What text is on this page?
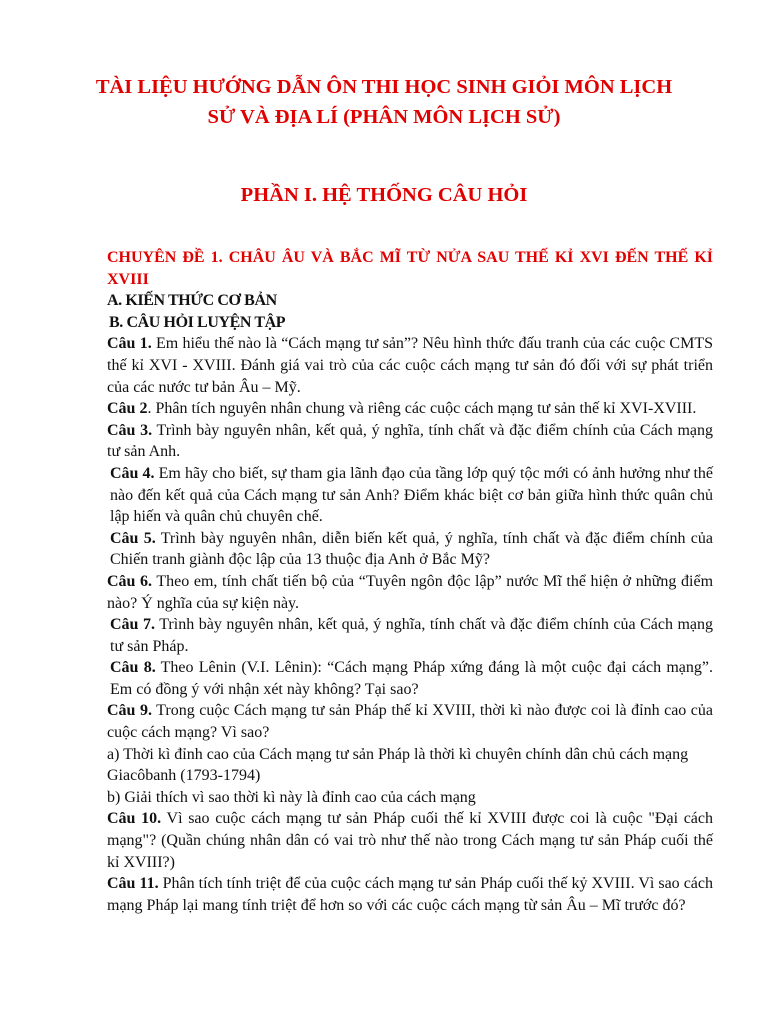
TÀI LIỆU HƯỚNG DẪN ÔN THI HỌC SINH GIỎI MÔN LỊCH
SỬ VÀ ĐỊA LÍ (PHÂN MÔN LỊCH SỬ)
PHẦN I. HỆ THỐNG CÂU HỎI

CHUYÊN ĐỀ 1. CHÂU ÂU VÀ BẮC MĨ TỪ NỬA SAU THẾ KỈ XVI ĐẾN THẾ KỈ XVIII

A. KIẾN THỨC CƠ BẢN

B. CÂU HỎI LUYỆN TẬP

Câu 1. Em hiểu thế nào là “Cách mạng tư sản”? Nêu hình thức đấu tranh của các cuộc CMTS thế kỉ XVI - XVIII. Đánh giá vai trò của các cuộc cách mạng tư sản đó đối với sự phát triển của các nước tư bản Âu – Mỹ.

Câu 2. Phân tích nguyên nhân chung và riêng các cuộc cách mạng tư sản thế kỉ XVI-XVIII.

Câu 3. Trình bày nguyên nhân, kết quả, ý nghĩa, tính chất và đặc điểm chính của Cách mạng tư sản Anh.

Câu 4. Em hãy cho biết, sự tham gia lãnh đạo của tầng lớp quý tộc mới có ảnh hưởng như thế nào đến kết quả của Cách mạng tư sản Anh? Điểm khác biệt cơ bản giữa hình thức quân chủ lập hiến và quân chủ chuyên chế.

Câu 5. Trình bày nguyên nhân, diễn biến kết quả, ý nghĩa, tính chất và đặc điểm chính của Chiến tranh giành độc lập của 13 thuộc địa Anh ở Bắc Mỹ?

Câu 6. Theo em, tính chất tiến bộ của “Tuyên ngôn độc lập” nước Mĩ thể hiện ở những điểm nào? Ý nghĩa của sự kiện này.

Câu 7. Trình bày nguyên nhân, kết quả, ý nghĩa, tính chất và đặc điểm chính của Cách mạng tư sản Pháp.

Câu 8. Theo Lênin (V.I. Lênin): “Cách mạng Pháp xứng đáng là một cuộc đại cách mạng”. Em có đồng ý với nhận xét này không? Tại sao?

Câu 9. Trong cuộc Cách mạng tư sản Pháp thế kỉ XVIII, thời kì nào được coi là đỉnh cao của cuộc cách mạng? Vì sao?

a) Thời kì đỉnh cao của Cách mạng tư sản Pháp là thời kì chuyên chính dân chủ cách mạng Giacôbanh (1793-1794)

b) Giải thích vì sao thời kì này là đỉnh cao của cách mạng

Câu 10. Vì sao cuộc cách mạng tư sản Pháp cuối thế kỉ XVIII được coi là cuộc "Đại cách mạng"? (Quần chúng nhân dân có vai trò như thế nào trong Cách mạng tư sản Pháp cuối thế kỉ XVIII?)

Câu 11. Phân tích tính triệt để của cuộc cách mạng tư sản Pháp cuối thế kỷ XVIII. Vì sao cách mạng Pháp lại mang tính triệt để hơn so với các cuộc cách mạng từ sản Âu – Mĩ trước đó?
